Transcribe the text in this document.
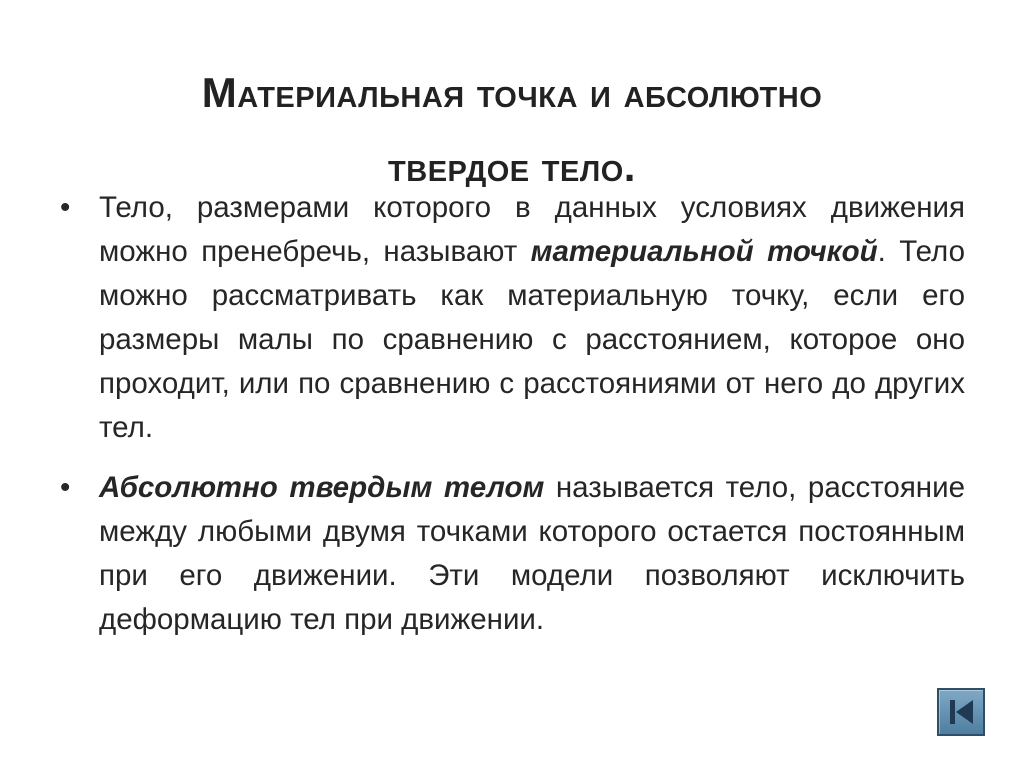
Материальная точка и абсолютно
твердое тело.
• Тело, размерами которого в данных условиях движения можно пренебречь, называют материальной точкой. Тело можно рассматривать как материальную точку, если его размеры малы по сравнению с расстоянием, которое оно проходит, или по сравнению с расстояниями от него до других тел.
• Абсолютно твердым телом называется тело, расстояние между любыми двумя точками которого остается постоянным при его движении. Эти модели позволяют исключить деформацию тел при движении.
